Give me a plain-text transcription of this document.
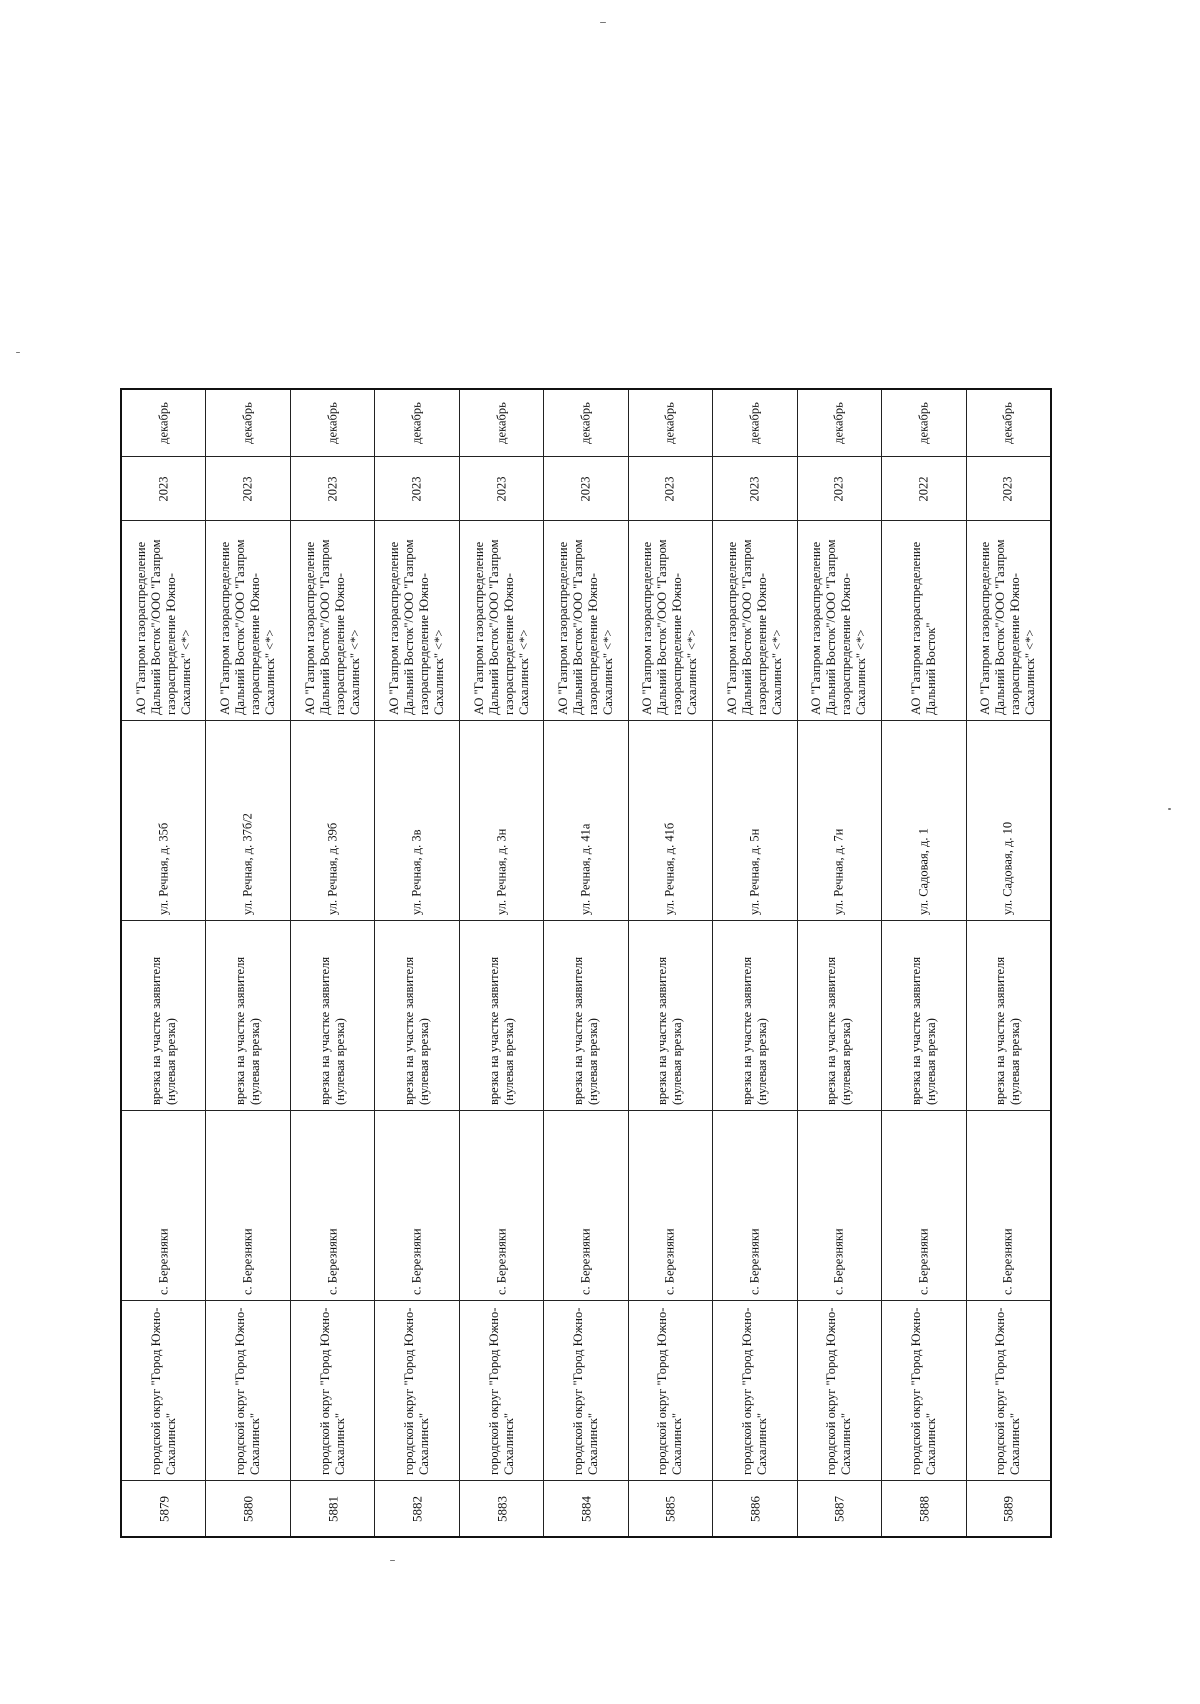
декабрь
2023
АО "Газпром газораспределение Дальний Восток"/ООО "Газпром газораспределение Южно-Сахалинск" <*>
ул. Речная, д. 35б
врезка на участке заявителя (нулевая врезка)
с. Березняки
городской округ "Город Южно-Сахалинск"
5879
декабрь
2023
АО "Газпром газораспределение Дальний Восток"/ООО "Газпром газораспределение Южно-Сахалинск" <*>
ул. Речная, д. 37б/2
врезка на участке заявителя (нулевая врезка)
с. Березняки
городской округ "Город Южно-Сахалинск"
5880
декабрь
2023
АО "Газпром газораспределение Дальний Восток"/ООО "Газпром газораспределение Южно-Сахалинск" <*>
ул. Речная, д. 39б
врезка на участке заявителя (нулевая врезка)
с. Березняки
городской округ "Город Южно-Сахалинск"
5881
декабрь
2023
АО "Газпром газораспределение Дальний Восток"/ООО "Газпром газораспределение Южно-Сахалинск" <*>
ул. Речная, д. 3в
врезка на участке заявителя (нулевая врезка)
с. Березняки
городской округ "Город Южно-Сахалинск"
5882
декабрь
2023
АО "Газпром газораспределение Дальний Восток"/ООО "Газпром газораспределение Южно-Сахалинск" <*>
ул. Речная, д. 3н
врезка на участке заявителя (нулевая врезка)
с. Березняки
городской округ "Город Южно-Сахалинск"
5883
декабрь
2023
АО "Газпром газораспределение Дальний Восток"/ООО "Газпром газораспределение Южно-Сахалинск" <*>
ул. Речная, д. 41а
врезка на участке заявителя (нулевая врезка)
с. Березняки
городской округ "Город Южно-Сахалинск"
5884
декабрь
2023
АО "Газпром газораспределение Дальний Восток"/ООО "Газпром газораспределение Южно-Сахалинск" <*>
ул. Речная, д. 41б
врезка на участке заявителя (нулевая врезка)
с. Березняки
городской округ "Город Южно-Сахалинск"
5885
декабрь
2023
АО "Газпром газораспределение Дальний Восток"/ООО "Газпром газораспределение Южно-Сахалинск" <*>
ул. Речная, д. 5н
врезка на участке заявителя (нулевая врезка)
с. Березняки
городской округ "Город Южно-Сахалинск"
5886
декабрь
2023
АО "Газпром газораспределение Дальний Восток"/ООО "Газпром газораспределение Южно-Сахалинск" <*>
ул. Речная, д. 7и
врезка на участке заявителя (нулевая врезка)
с. Березняки
городской округ "Город Южно-Сахалинск"
5887
декабрь
2022
АО "Газпром газораспределение Дальний Восток"
ул. Садовая, д. 1
врезка на участке заявителя (нулевая врезка)
с. Березняки
городской округ "Город Южно-Сахалинск"
5888
декабрь
2023
АО "Газпром газораспределение Дальний Восток"/ООО "Газпром газораспределение Южно-Сахалинск" <*>
ул. Садовая, д. 10
врезка на участке заявителя (нулевая врезка)
с. Березняки
городской округ "Город Южно-Сахалинск"
5889
